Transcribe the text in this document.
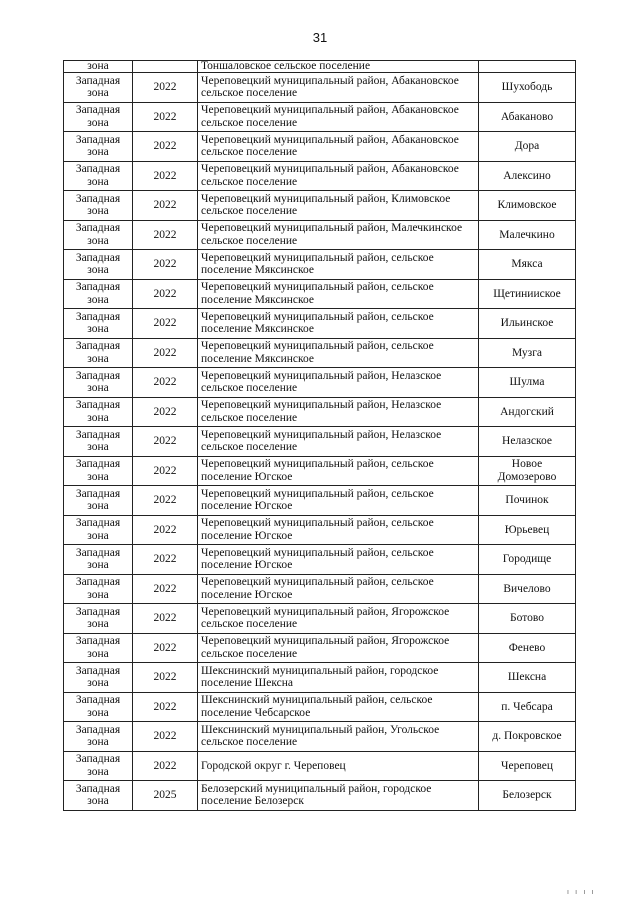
31
зона		Тоншаловское сельское поселение	
Западная зона	2022	Череповецкий муниципальный район, Абакановское сельское поселение	Шухободь
Западная зона	2022	Череповецкий муниципальный район, Абакановское сельское поселение	Абаканово
Западная зона	2022	Череповецкий муниципальный район, Абакановское сельское поселение	Дора
Западная зона	2022	Череповецкий муниципальный район, Абакановское сельское поселение	Алексино
Западная зона	2022	Череповецкий муниципальный район, Климовское сельское поселение	Климовское
Западная зона	2022	Череповецкий муниципальный район, Малечкинское сельское поселение	Малечкино
Западная зона	2022	Череповецкий муниципальный район, сельское поселение Мяксинское	Мякса
Западная зона	2022	Череповецкий муниципальный район, сельское поселение Мяксинское	Щетинииское
Западная зона	2022	Череповецкий муниципальный район, сельское поселение Мяксинское	Ильинское
Западная зона	2022	Череповецкий муниципальный район, сельское поселение Мяксинское	Музга
Западная зона	2022	Череповецкий муниципальный район, Нелазское сельское поселение	Шулма
Западная зона	2022	Череповецкий муниципальный район, Нелазское сельское поселение	Андогский
Западная зона	2022	Череповецкий муниципальный район, Нелазское сельское поселение	Нелазское
Западная зона	2022	Череповецкий муниципальный район, сельское поселение Югское	Новое Домозерово
Западная зона	2022	Череповецкий муниципальный район, сельское поселение Югское	Починок
Западная зона	2022	Череповецкий муниципальный район, сельское поселение Югское	Юрьевец
Западная зона	2022	Череповецкий муниципальный район, сельское поселение Югское	Городище
Западная зона	2022	Череповецкий муниципальный район, сельское поселение Югское	Вичелово
Западная зона	2022	Череповецкий муниципальный район, Ягорожское сельское поселение	Ботово
Западная зона	2022	Череповецкий муниципальный район, Ягорожское сельское поселение	Фенево
Западная зона	2022	Шекснинский муниципальный район, городское поселение Шексна	Шексна
Западная зона	2022	Шекснинский муниципальный район, сельское поселение Чебсарское	п. Чебсара
Западная зона	2022	Шекснинский муниципальный район, Угольское сельское поселение	д. Покровское
Западная зона	2022	Городской округ г. Череповец	Череповец
Западная зона	2025	Белозерский муниципальный район, городское поселение Белозерск	Белозерск
ı ı ı ı
